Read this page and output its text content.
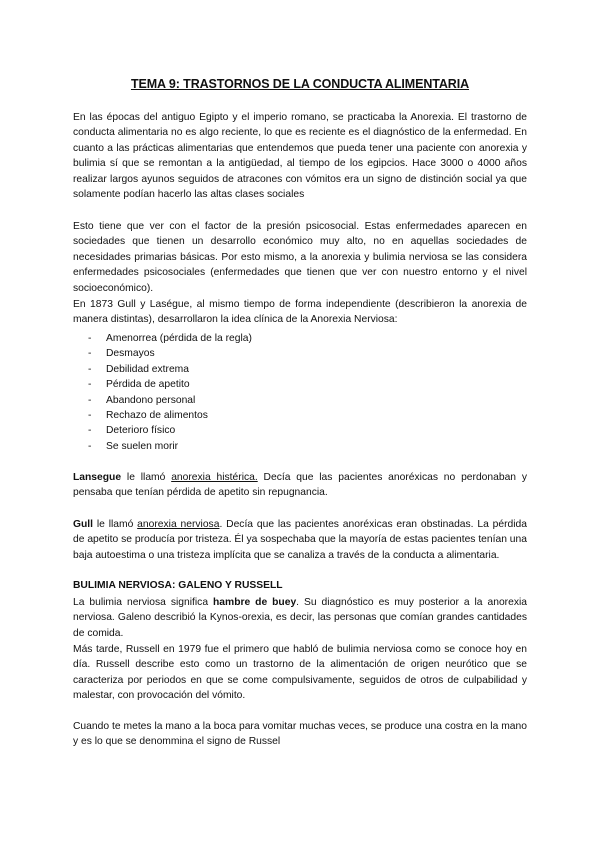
TEMA 9: TRASTORNOS DE LA CONDUCTA ALIMENTARIA

En las épocas del antiguo Egipto y el imperio romano, se practicaba la Anorexia. El trastorno de conducta alimentaria no es algo reciente, lo que es reciente es el diagnóstico de la enfermedad. En cuanto a las prácticas alimentarias que entendemos que pueda tener una paciente con anorexia y bulimia sí que se remontan a la antigüedad, al tiempo de los egipcios. Hace 3000 o 4000 años realizar largos ayunos seguidos de atracones con vómitos era un signo de distinción social ya que solamente podían hacerlo las altas clases sociales

Esto tiene que ver con el factor de la presión psicosocial. Estas enfermedades aparecen en sociedades que tienen un desarrollo económico muy alto, no en aquellas sociedades de necesidades primarias básicas. Por esto mismo, a la anorexia y bulimia nerviosa se las considera enfermedades psicosociales (enfermedades que tienen que ver con nuestro entorno y el nivel socioeconómico).

En 1873 Gull y Laségue, al mismo tiempo de forma independiente (describieron la anorexia de manera distintas), desarrollaron la idea clínica de la Anorexia Nerviosa:

- Amenorrea (pérdida de la regla)
- Desmayos
- Debilidad extrema
- Pérdida de apetito
- Abandono personal
- Rechazo de alimentos
- Deterioro físico
- Se suelen morir

Lansegue le llamó anorexia histérica. Decía que las pacientes anoréxicas no perdonaban y pensaba que tenían pérdida de apetito sin repugnancia.

Gull le llamó anorexia nerviosa. Decía que las pacientes anoréxicas eran obstinadas. La pérdida de apetito se producía por tristeza. Él ya sospechaba que la mayoría de estas pacientes tenían una baja autoestima o una tristeza implícita que se canaliza a través de la conducta a alimentaria.

BULIMIA NERVIOSA: GALENO Y RUSSELL

La bulimia nerviosa significa hambre de buey. Su diagnóstico es muy posterior a la anorexia nerviosa. Galeno describió la Kynos-orexia, es decir, las personas que comían grandes cantidades de comida.

Más tarde, Russell en 1979 fue el primero que habló de bulimia nerviosa como se conoce hoy en día. Russell describe esto como un trastorno de la alimentación de origen neurótico que se caracteriza por periodos en que se come compulsivamente, seguidos de otros de culpabilidad y malestar, con provocación del vómito.

Cuando te metes la mano a la boca para vomitar muchas veces, se produce una costra en la mano y es lo que se denommina el signo de Russel
